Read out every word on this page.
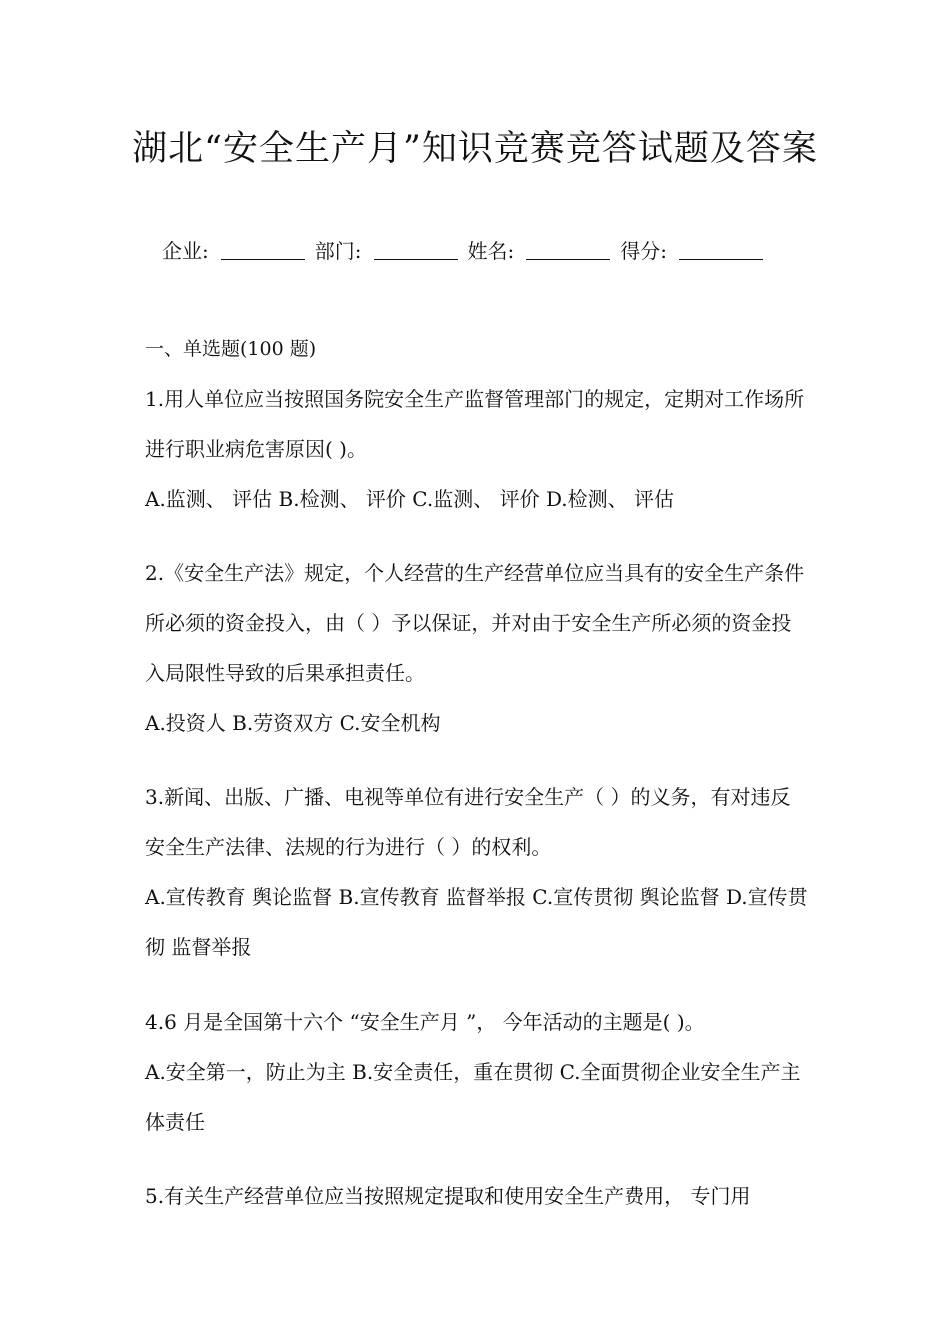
湖北“安全生产月”知识竞赛竞答试题及答案
企业:	部门:	姓名:	得分:
一、单选题(100 题)

1.用人单位应当按照国务院安全生产监督管理部门的规定，定期对工作场所进行职业病危害原因( )。

A.监测、 评估 B.检测、 评价 C.监测、 评价 D.检测、 评估

2.《安全生产法》规定，个人经营的生产经营单位应当具有的安全生产条件所必须的资金投入，由（ ）予以保证，并对由于安全生产所必须的资金投入局限性导致的后果承担责任。

A.投资人 B.劳资双方 C.安全机构

3.新闻、出版、广播、电视等单位有进行安全生产（ ）的义务，有对违反安全生产法律、法规的行为进行（ ）的权利。

A.宣传教育 舆论监督 B.宣传教育 监督举报 C.宣传贯彻 舆论监督 D.宣传贯彻 监督举报

4.6 月是全国第十六个 “安全生产月 ”， 今年活动的主题是( )。

A.安全第一，防止为主 B.安全责任，重在贯彻 C.全面贯彻企业安全生产主体责任

5.有关生产经营单位应当按照规定提取和使用安全生产费用， 专门用
